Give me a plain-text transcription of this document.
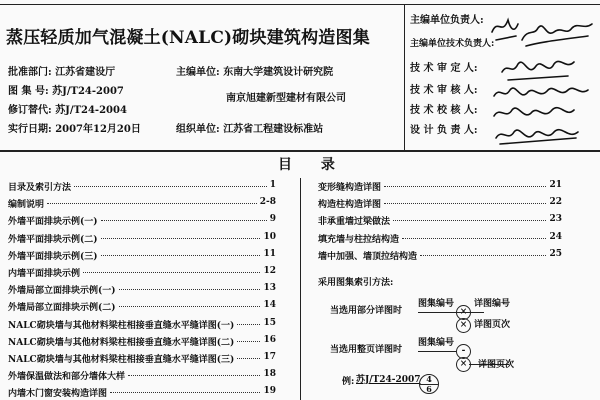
蒸压轻质加气混凝土(NALC)砌块建筑构造图集
批准部门: 江苏省建设厅
图 集 号: 苏J/T24-2007
修订替代: 苏J/T24-2004
实行日期: 2007年12月20日
主编单位: 东南大学建筑设计研究院
南京旭建新型建材有限公司
组织单位: 江苏省工程建设标准站
主编单位负责人:
主编单位技术负责人:
技 术 审 定 人:
技 术 审 核 人:
技 术 校 核 人:
设 计 负 责 人:
目 录
目录及索引方法	1
编制说明	2-8
外墙平面排块示例(一)	9
外墙平面排块示例(二)	10
外墙平面排块示例(三)	11
内墙平面排块示例	12
外墙局部立面排块示例(一)	13
外墙局部立面排块示例(二)	14
NALC砌块墙与其他材料梁柱相接垂直缝水平缝详图(一)	15
NALC砌块墙与其他材料梁柱相接垂直缝水平缝详图(二)	16
NALC砌块墙与其他材料梁柱相接垂直缝水平缝详图(三)	17
外墙保温做法和部分墙体大样	18
内墙木门窗安装构造详图	19
变形缝构造详图	21
构造柱构造详图	22
非承重墙过梁做法	23
填充墙与柱拉结构造	24
墙中加强、墙顶拉结构造	25
采用图集索引方法:
当选用部分详图时
图集编号 详图编号
× 详图页次
当选用整页详图时
图集编号
-
×	详图页次
例: 苏J/T24-2007 4
6
